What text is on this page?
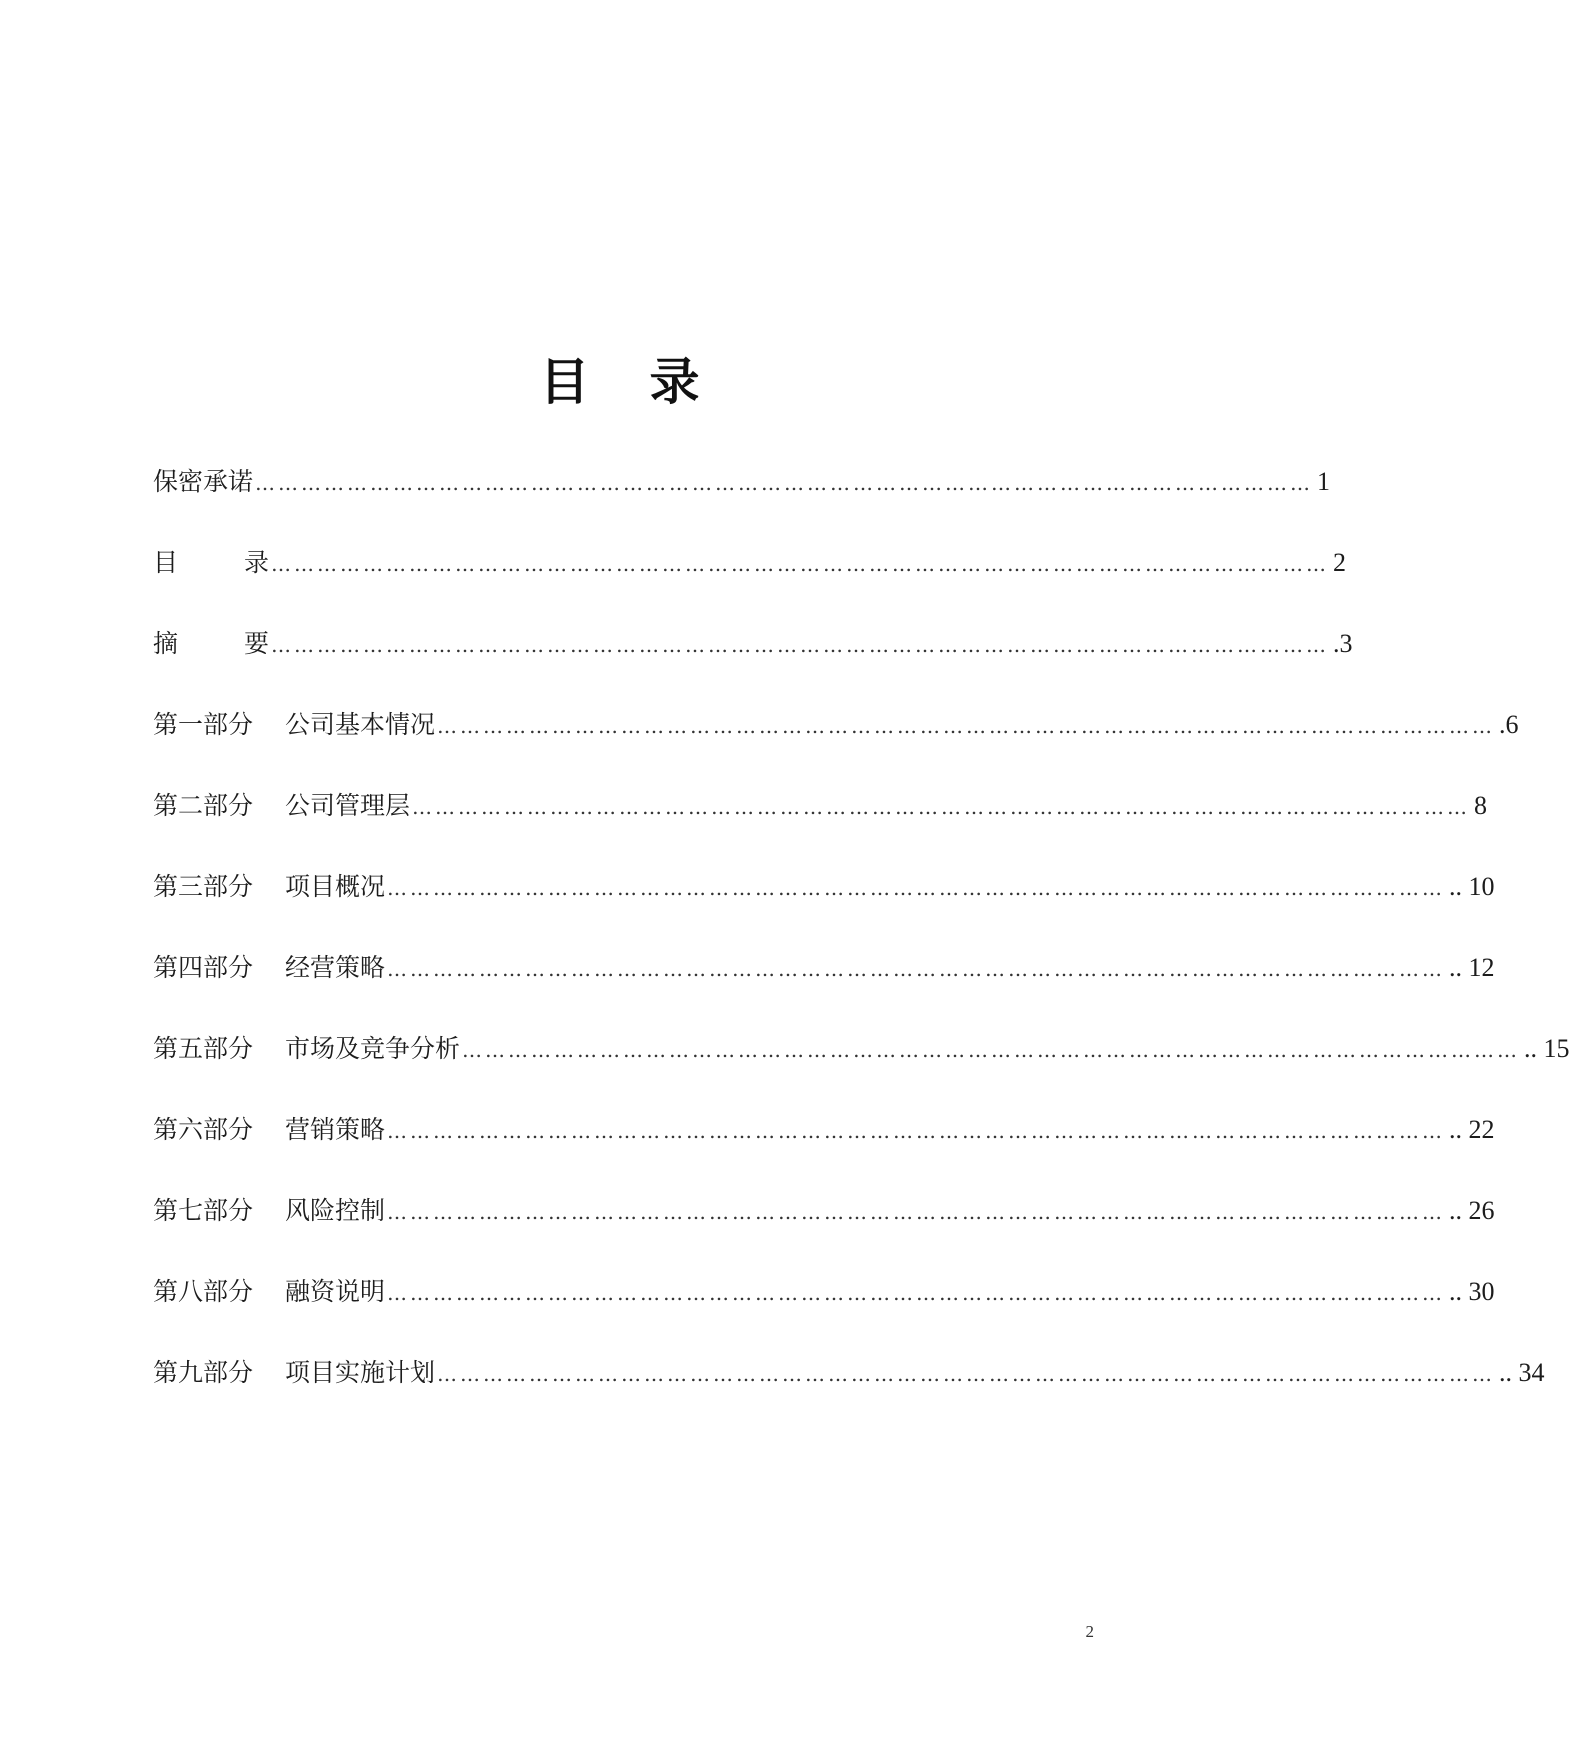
目 录
保密承诺 ………………………………………………………………………………………………………………………… 1
目	录 ………………………………………………………………………………………………………………………… 2
摘	要 ………………………………………………………………………………………………………………………… .3
第一部分 公司基本情况 ………………………………………………………………………………………………………………………… .6
第二部分 公司管理层 ………………………………………………………………………………………………………………………… 8
第三部分 项目概况 ………………………………………………………………………………………………………………………… .. 10
第四部分 经营策略 ………………………………………………………………………………………………………………………… .. 12
第五部分 市场及竞争分析 ………………………………………………………………………………………………………………………… .. 15
第六部分 营销策略 ………………………………………………………………………………………………………………………… .. 22
第七部分 风险控制 ………………………………………………………………………………………………………………………… .. 26
第八部分 融资说明 ………………………………………………………………………………………………………………………… .. 30
第九部分 项目实施计划 ………………………………………………………………………………………………………………………… .. 34
2
